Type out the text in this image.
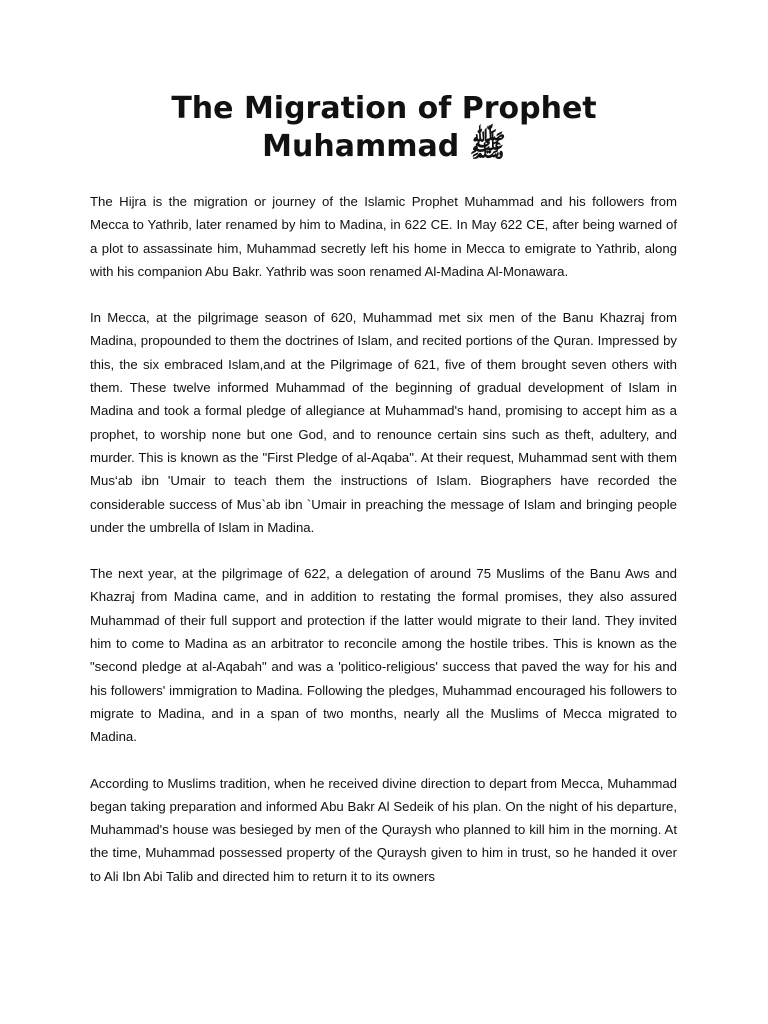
The Migration of Prophet
Muhammad ﷺ

The Hijra is the migration or journey of the Islamic Prophet Muhammad and his followers from Mecca to Yathrib, later renamed by him to Madina, in 622 CE. In May 622 CE, after being warned of a plot to assassinate him, Muhammad secretly left his home in Mecca to emigrate to Yathrib, along with his companion Abu Bakr. Yathrib was soon renamed Al-Madina Al-Monawara.

In Mecca, at the pilgrimage season of 620, Muhammad met six men of the Banu Khazraj from Madina, propounded to them the doctrines of Islam, and recited portions of the Quran. Impressed by this, the six embraced Islam,and at the Pilgrimage of 621, five of them brought seven others with them. These twelve informed Muhammad of the beginning of gradual development of Islam in Madina and took a formal pledge of allegiance at Muhammad's hand, promising to accept him as a prophet, to worship none but one God, and to renounce certain sins such as theft, adultery, and murder. This is known as the "First Pledge of al-Aqaba". At their request, Muhammad sent with them Mus‘ab ibn 'Umair to teach them the instructions of Islam. Biographers have recorded the considerable success of Mus`ab ibn `Umair in preaching the message of Islam and bringing people under the umbrella of Islam in Madina.

The next year, at the pilgrimage of 622, a delegation of around 75 Muslims of the Banu Aws and Khazraj from Madina came, and in addition to restating the formal promises, they also assured Muhammad of their full support and protection if the latter would migrate to their land. They invited him to come to Madina as an arbitrator to reconcile among the hostile tribes. This is known as the "second pledge at al-Aqabah" and was a 'politico-religious' success that paved the way for his and his followers' immigration to Madina. Following the pledges, Muhammad encouraged his followers to migrate to Madina, and in a span of two months, nearly all the Muslims of Mecca migrated to Madina.

According to Muslims tradition, when he received divine direction to depart from Mecca, Muhammad began taking preparation and informed Abu Bakr Al Sedeik of his plan. On the night of his departure, Muhammad's house was besieged by men of the Quraysh who planned to kill him in the morning. At the time, Muhammad possessed property of the Quraysh given to him in trust, so he handed it over to Ali Ibn Abi Talib and directed him to return it to its owners
